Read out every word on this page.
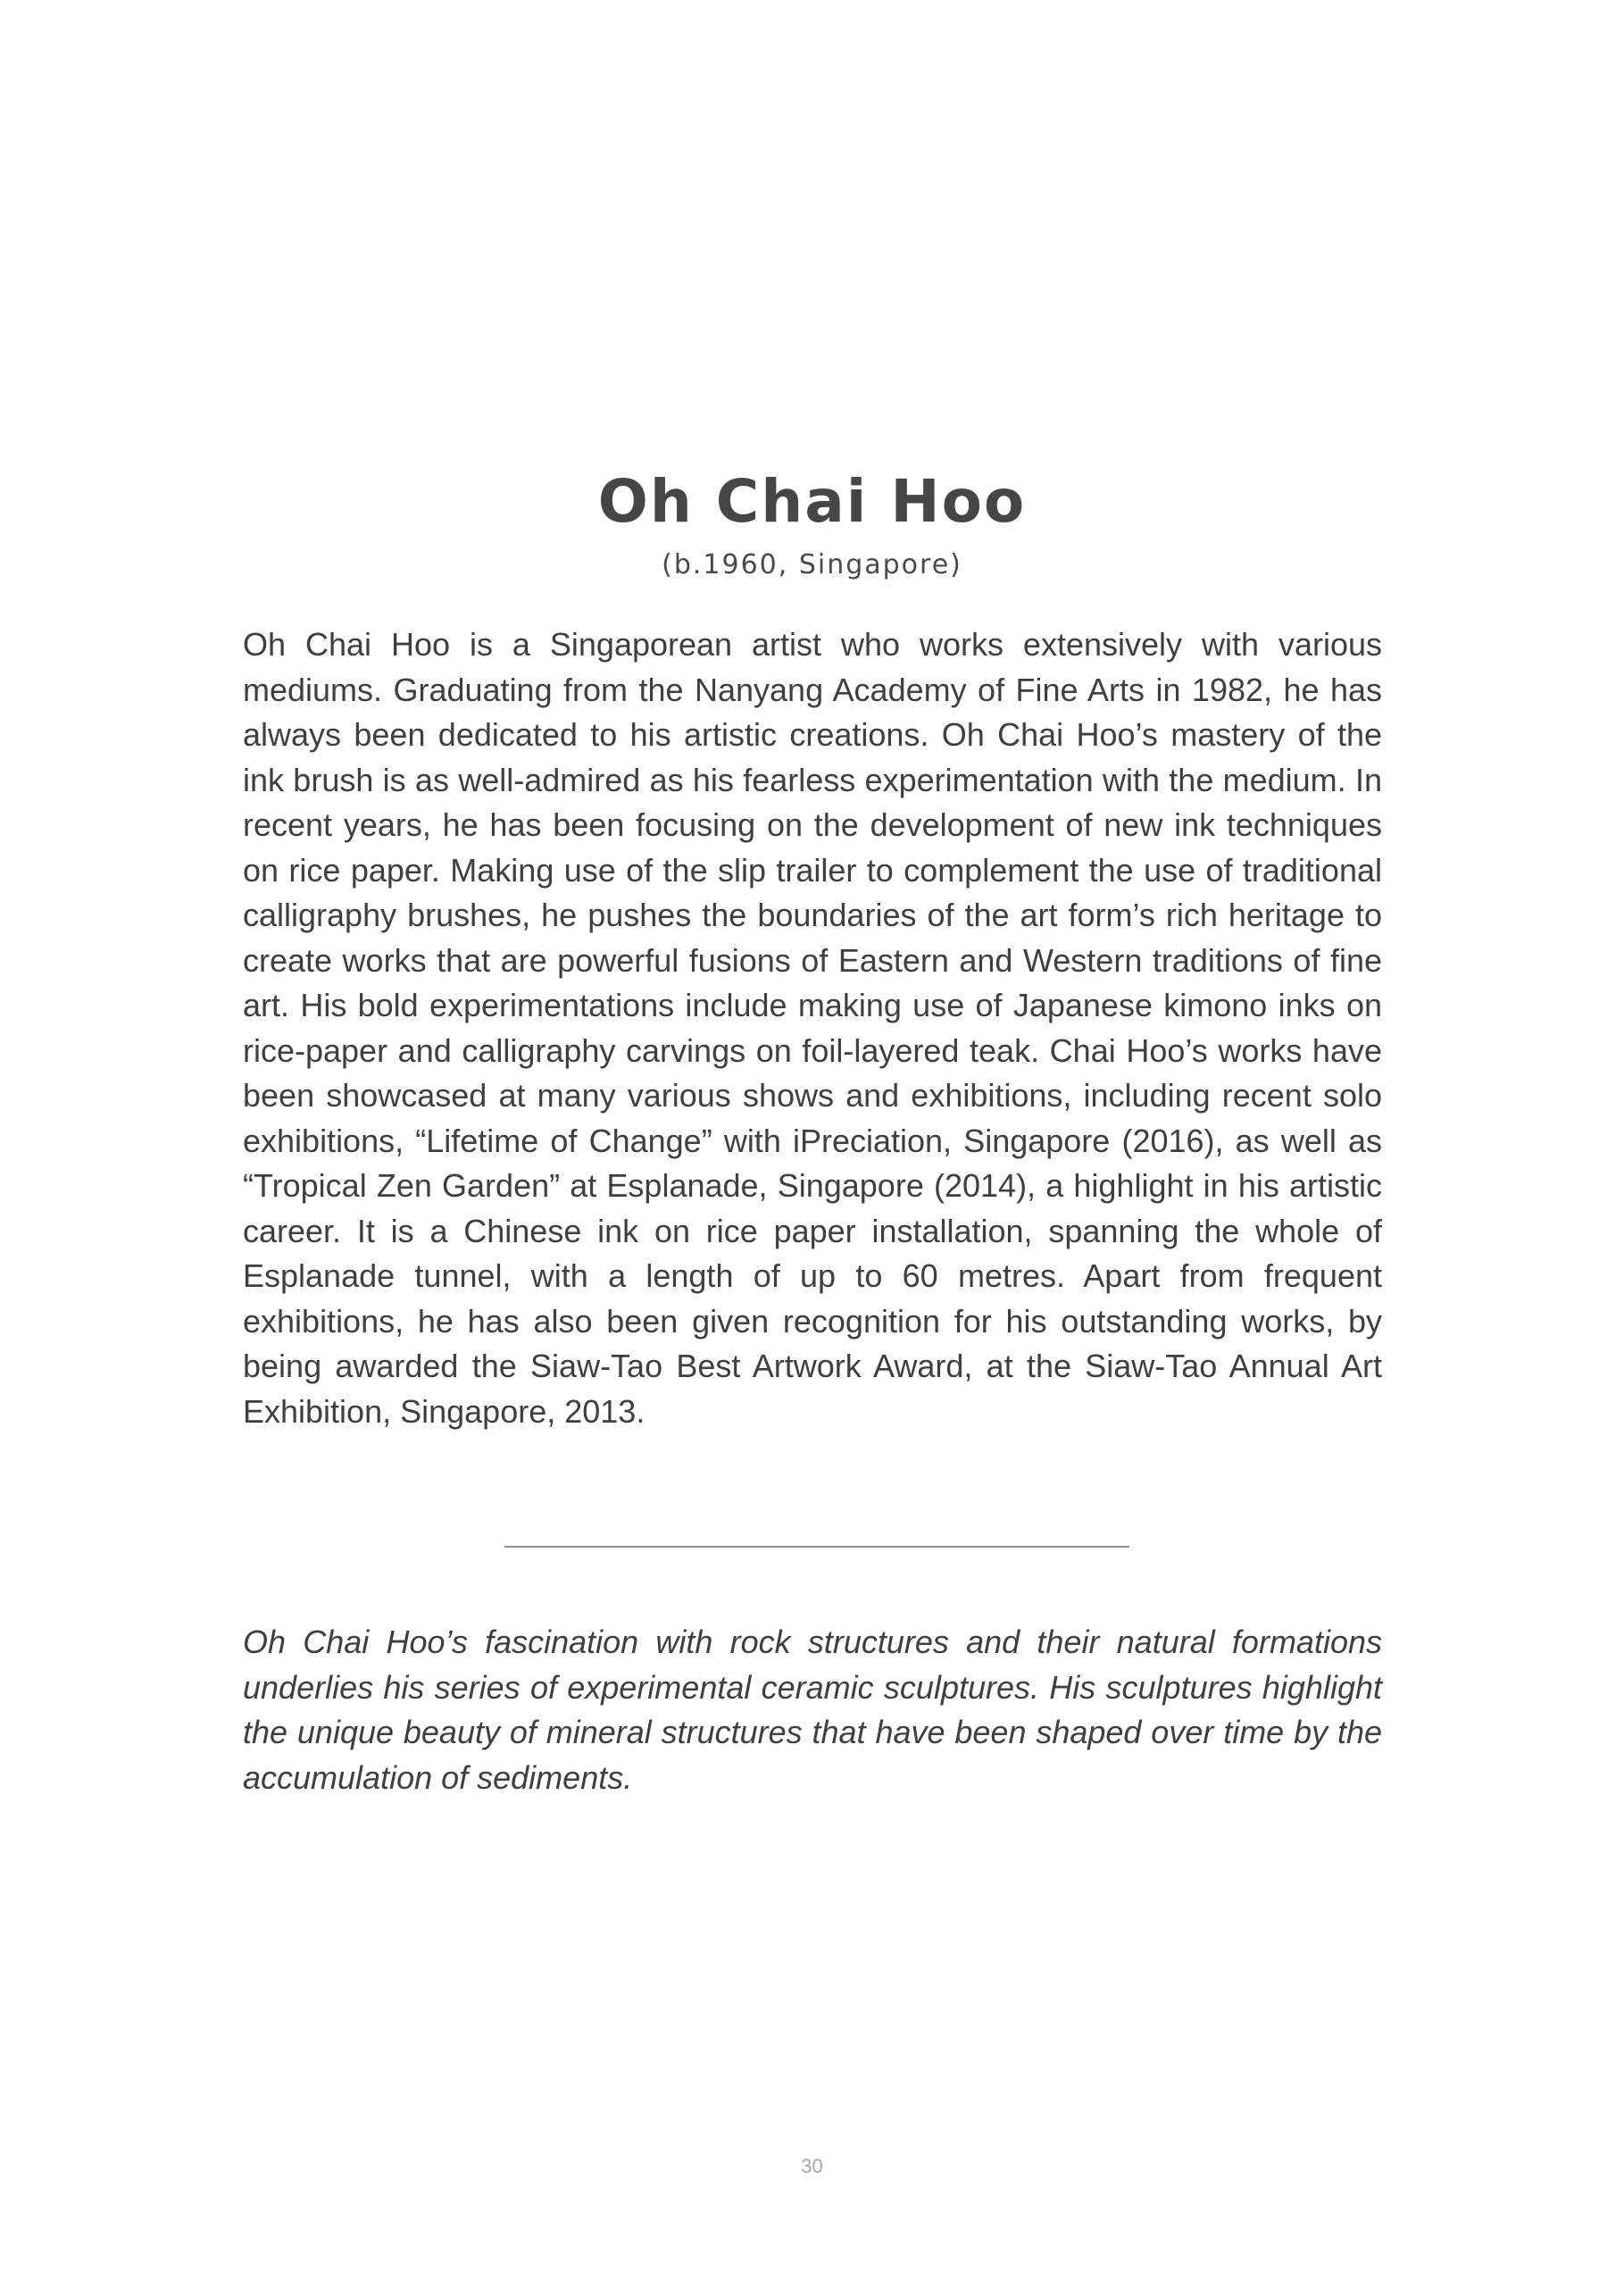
Oh Chai Hoo

(b.1960, Singapore)

Oh Chai Hoo is a Singaporean artist who works extensively with various mediums. Graduating from the Nanyang Academy of Fine Arts in 1982, he has always been dedicated to his artistic creations. Oh Chai Hoo’s mastery of the ink brush is as well-admired as his fearless experimentation with the medium. In recent years, he has been focusing on the development of new ink techniques on rice paper. Making use of the slip trailer to complement the use of traditional calligraphy brushes, he pushes the boundaries of the art form’s rich heritage to create works that are powerful fusions of Eastern and Western traditions of fine art. His bold experimentations include making use of Japanese kimono inks on rice-paper and calligraphy carvings on foil-layered teak. Chai Hoo’s works have been showcased at many various shows and exhibitions, including recent solo exhibitions, “Lifetime of Change” with iPreciation, Singapore (2016), as well as “Tropical Zen Garden” at Esplanade, Singapore (2014), a highlight in his artistic career. It is a Chinese ink on rice paper installation, spanning the whole of Esplanade tunnel, with a length of up to 60 metres. Apart from frequent exhibitions, he has also been given recognition for his outstanding works, by being awarded the Siaw-Tao Best Artwork Award, at the Siaw-Tao Annual Art Exhibition, Singapore, 2013.

Oh Chai Hoo’s fascination with rock structures and their natural formations underlies his series of experimental ceramic sculptures. His sculptures highlight the unique beauty of mineral structures that have been shaped over time by the accumulation of sediments.

30
